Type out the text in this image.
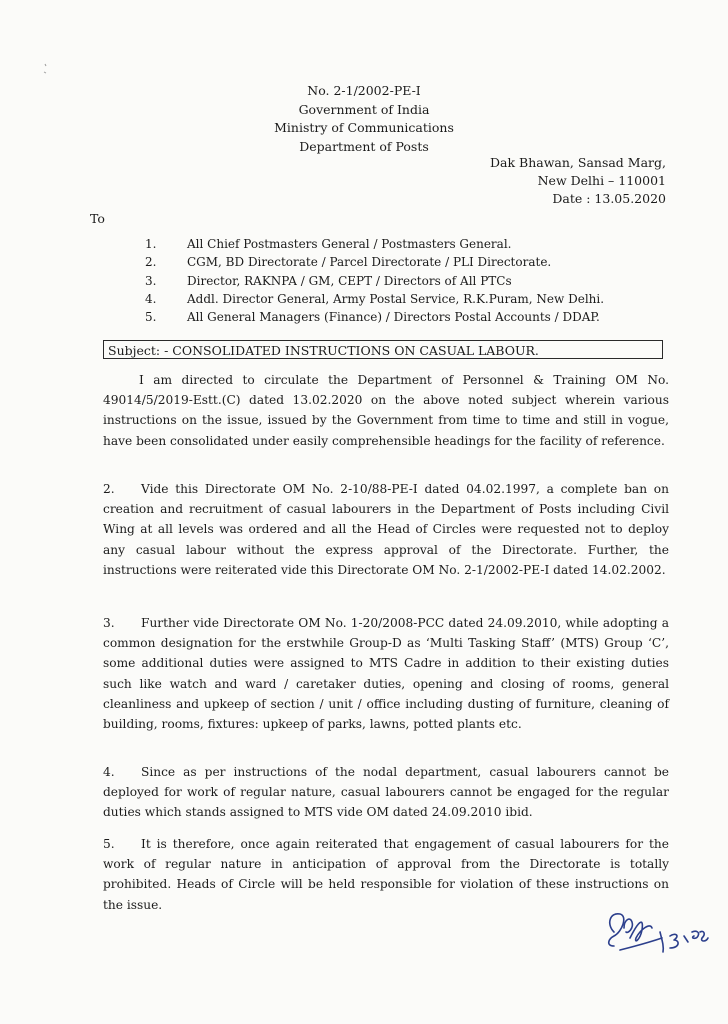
No. 2-1/2002-PE-I
Government of India
Ministry of Communications
Department of Posts
Dak Bhawan, Sansad Marg,
New Delhi – 110001
Date : 13.05.2020
To
1.	All Chief Postmasters General / Postmasters General.
2.	CGM, BD Directorate / Parcel Directorate / PLI Directorate.
3.	Director, RAKNPA / GM, CEPT / Directors of All PTCs
4.	Addl. Director General, Army Postal Service, R.K.Puram, New Delhi.
5.	All General Managers (Finance) / Directors Postal Accounts / DDAP.
Subject: - CONSOLIDATED INSTRUCTIONS ON CASUAL LABOUR.
I am directed to circulate the Department of Personnel & Training OM No. 49014/5/2019-Estt.(C) dated 13.02.2020 on the above noted subject wherein various instructions on the issue, issued by the Government from time to time and still in vogue, have been consolidated under easily comprehensible headings for the facility of reference.
2. Vide this Directorate OM No. 2-10/88-PE-I dated 04.02.1997, a complete ban on creation and recruitment of casual labourers in the Department of Posts including Civil Wing at all levels was ordered and all the Head of Circles were requested not to deploy any casual labour without the express approval of the Directorate. Further, the instructions were reiterated vide this Directorate OM No. 2-1/2002-PE-I dated 14.02.2002.
3. Further vide Directorate OM No. 1-20/2008-PCC dated 24.09.2010, while adopting a common designation for the erstwhile Group-D as ‘Multi Tasking Staff’ (MTS) Group ‘C’, some additional duties were assigned to MTS Cadre in addition to their existing duties such like watch and ward / caretaker duties, opening and closing of rooms, general cleanliness and upkeep of section / unit / office including dusting of furniture, cleaning of building, rooms, fixtures: upkeep of parks, lawns, potted plants etc.
4. Since as per instructions of the nodal department, casual labourers cannot be deployed for work of regular nature, casual labourers cannot be engaged for the regular duties which stands assigned to MTS vide OM dated 24.09.2010 ibid.
5. It is therefore, once again reiterated that engagement of casual labourers for the work of regular nature in anticipation of approval from the Directorate is totally prohibited. Heads of Circle will be held responsible for violation of these instructions on the issue.
